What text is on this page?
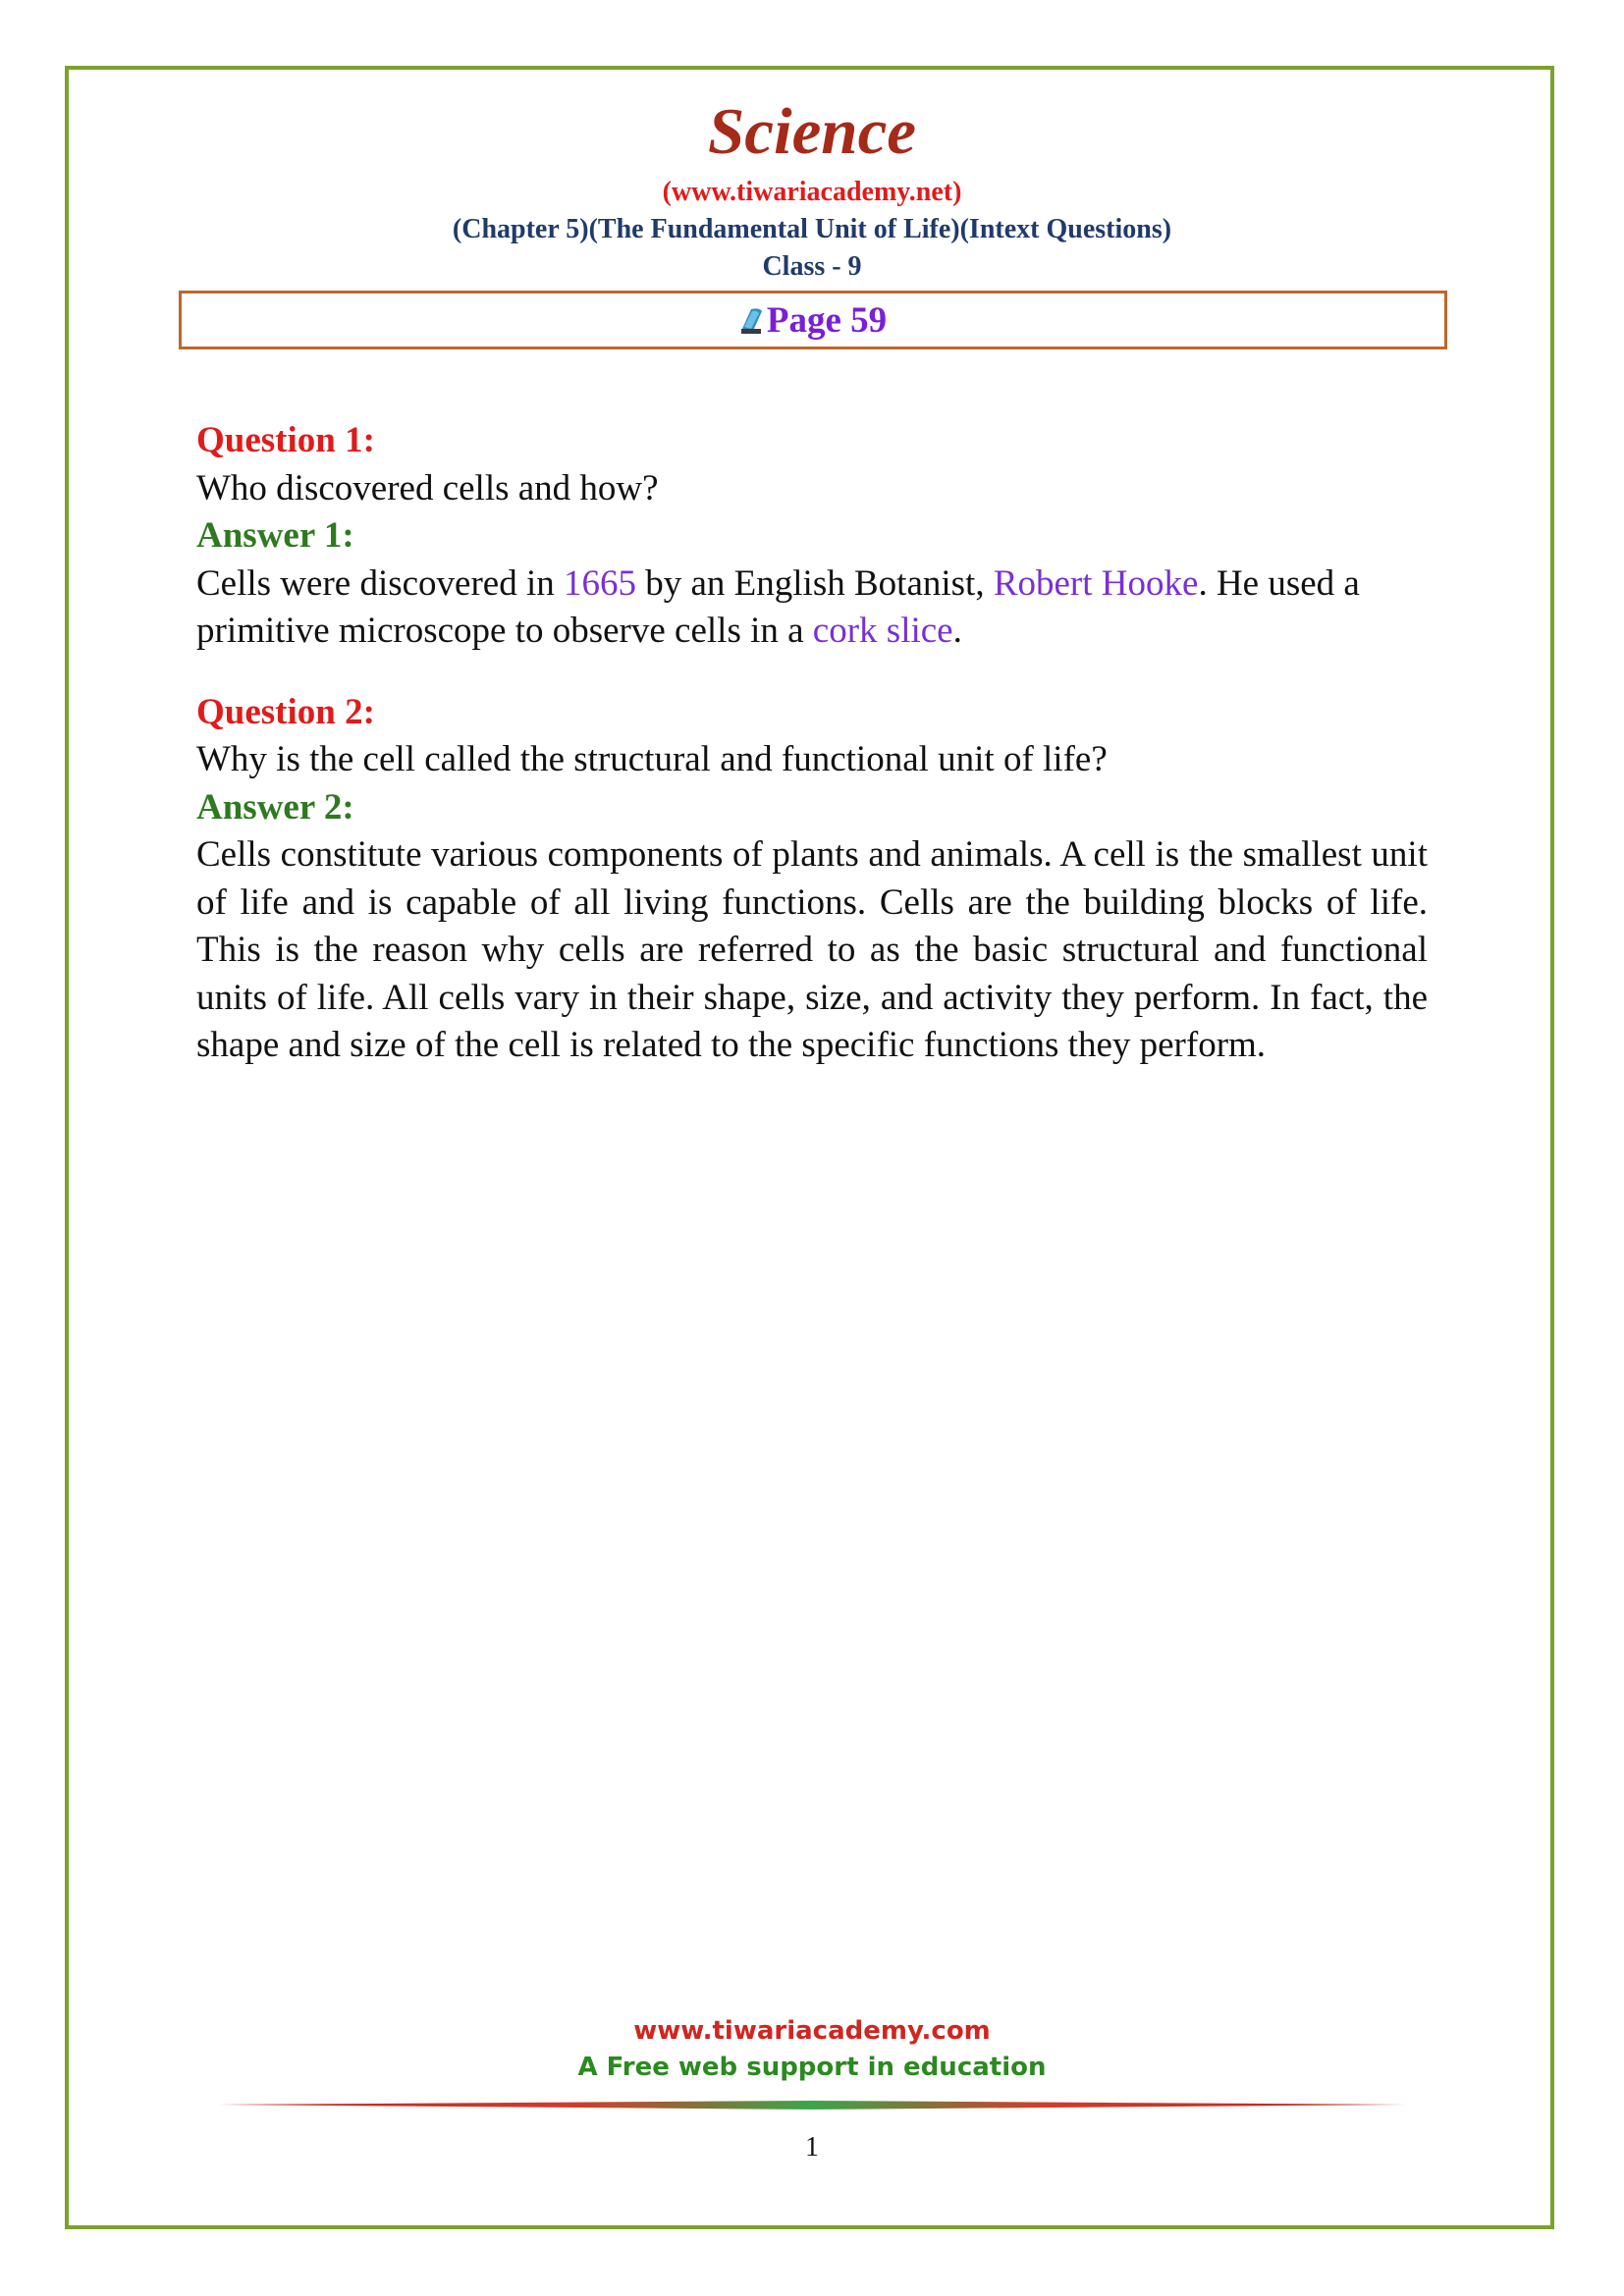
Science
(www.tiwariacademy.net)
(Chapter 5)(The Fundamental Unit of Life)(Intext Questions)
Class - 9
Page 59
Question 1:
Who discovered cells and how?
Answer 1:
Cells were discovered in 1665 by an English Botanist, Robert Hooke. He used a primitive microscope to observe cells in a cork slice.
Question 2:
Why is the cell called the structural and functional unit of life?
Answer 2:
Cells constitute various components of plants and animals. A cell is the smallest unit of life and is capable of all living functions. Cells are the building blocks of life. This is the reason why cells are referred to as the basic structural and functional units of life. All cells vary in their shape, size, and activity they perform. In fact, the shape and size of the cell is related to the specific functions they perform.
www.tiwariacademy.com
A Free web support in education
1
